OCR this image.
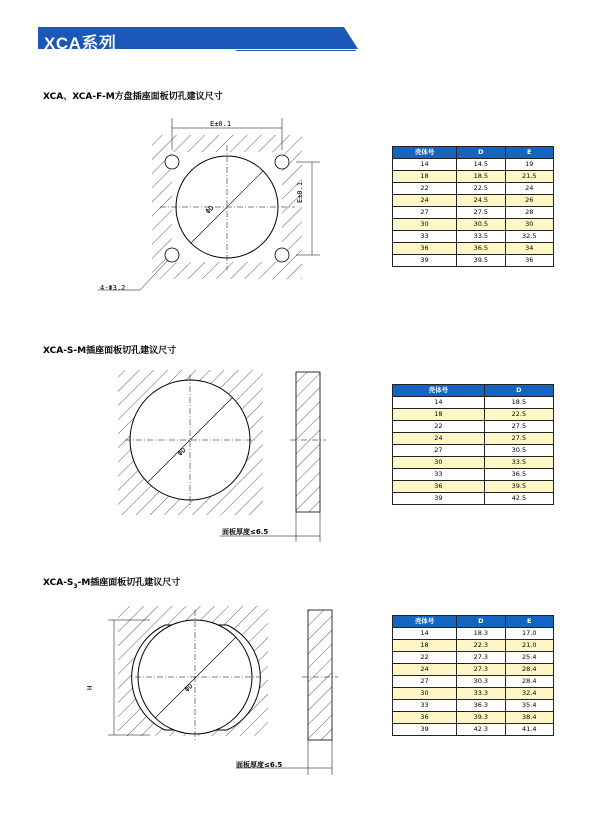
XCA系列
XCA、XCA-F-M方盘插座面板切孔建议尺寸
E±0.1
E±0.1
4-Φ3.2
ΦD
壳体号	D	E
14	14.5	19
18	18.5	21.5
22	22.5	24
24	24.5	26
27	27.5	28
30	30.5	30
33	33.5	32.5
36	36.5	34
39	39.5	36
XCA-S-M插座面板切孔建议尺寸
ΦD
面板厚度≤6.5
壳体号	D
14	18.5
18	22.5
22	27.5
24	27.5
27	30.5
30	33.5
33	36.5
36	39.5
39	42.5
XCA-$S_3-M$插座面板切孔建议尺寸
ΦD
H
面板厚度≤6.5
壳体号	D	E
14	18.3	17.0
18	22.3	21.0
22	27.3	25.4
24	27.3	28.4
27	30.3	28.4
30	33.3	32.4
33	36.3	35.4
36	39.3	38.4
39	42.3	41.4
